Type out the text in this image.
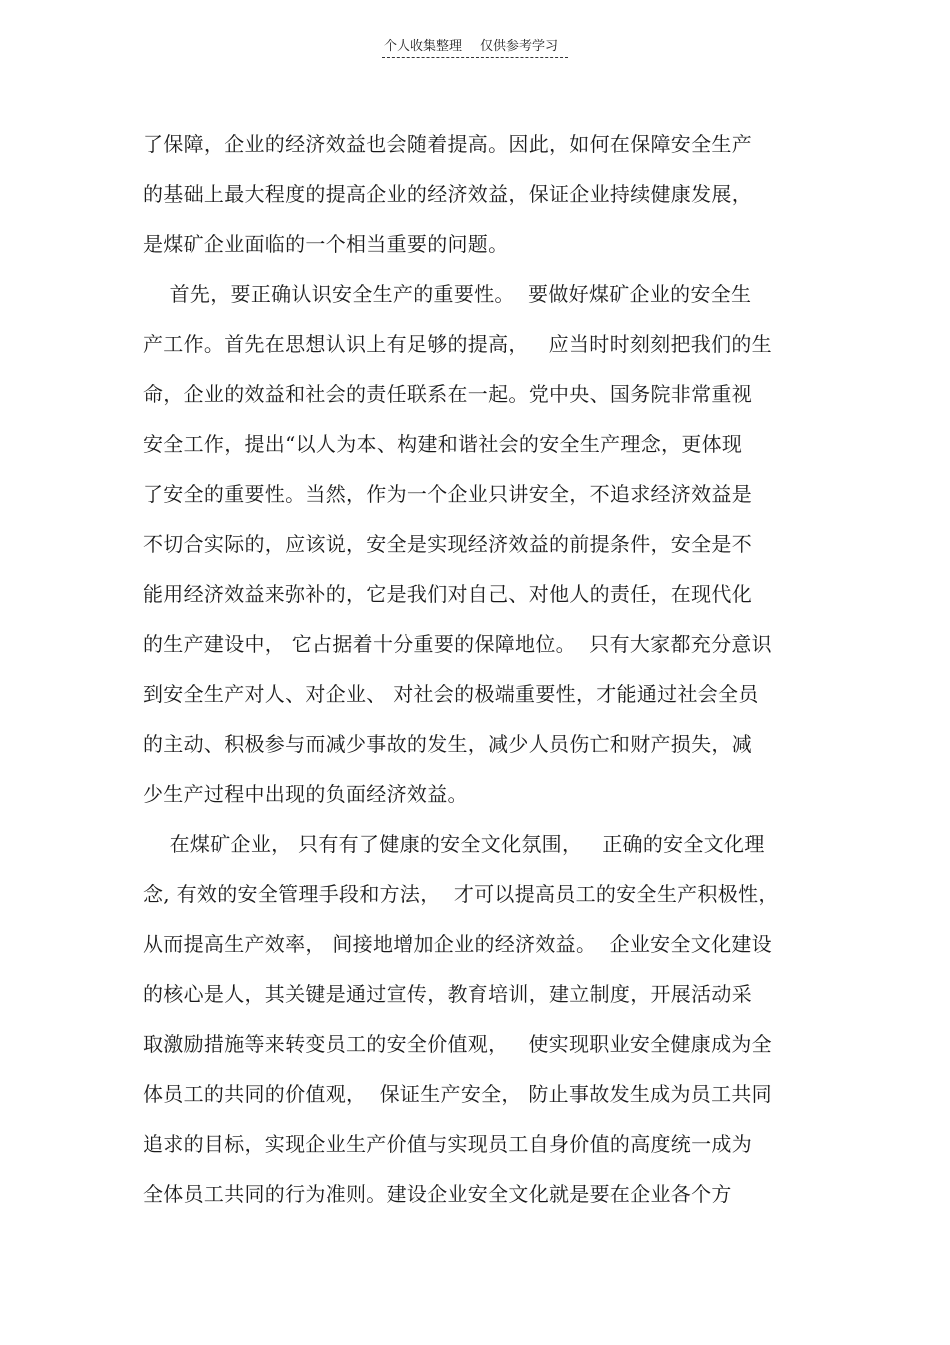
个人收集整理 仅供参考学习
了保障，企业的经济效益也会随着提高。因此，如何在保障安全生产
的基础上最大程度的提高企业的经济效益，保证企业持续健康发展，
是煤矿企业面临的一个相当重要的问题。
首先，要正确认识安全生产的重要性。  要做好煤矿企业的安全生
产工作。首先在思想认识上有足够的提高，   应当时时刻刻把我们的生
命，企业的效益和社会的责任联系在一起。党中央、国务院非常重视
安全工作，提出“以人为本、构建和谐社会的安全生产理念，更体现
了安全的重要性。当然，作为一个企业只讲安全，不追求经济效益是
不切合实际的，应该说，安全是实现经济效益的前提条件，安全是不
能用经济效益来弥补的，它是我们对自己、对他人的责任，在现代化
的生产建设中， 它占据着十分重要的保障地位。  只有大家都充分意识
到安全生产对人、对企业、 对社会的极端重要性，才能通过社会全员
的主动、积极参与而减少事故的发生，减少人员伤亡和财产损失，减
少生产过程中出现的负面经济效益。
在煤矿企业， 只有有了健康的安全文化氛围，   正确的安全文化理
念, 有效的安全管理手段和方法，  才可以提高员工的安全生产积极性，
从而提高生产效率， 间接地增加企业的经济效益。  企业安全文化建设
的核心是人，其关键是通过宣传，教育培训，建立制度，开展活动采
取激励措施等来转变员工的安全价值观，   使实现职业安全健康成为全
体员工的共同的价值观，  保证生产安全， 防止事故发生成为员工共同
追求的目标，实现企业生产价值与实现员工自身价值的高度统一成为
全体员工共同的行为准则。建设企业安全文化就是要在企业各个方
